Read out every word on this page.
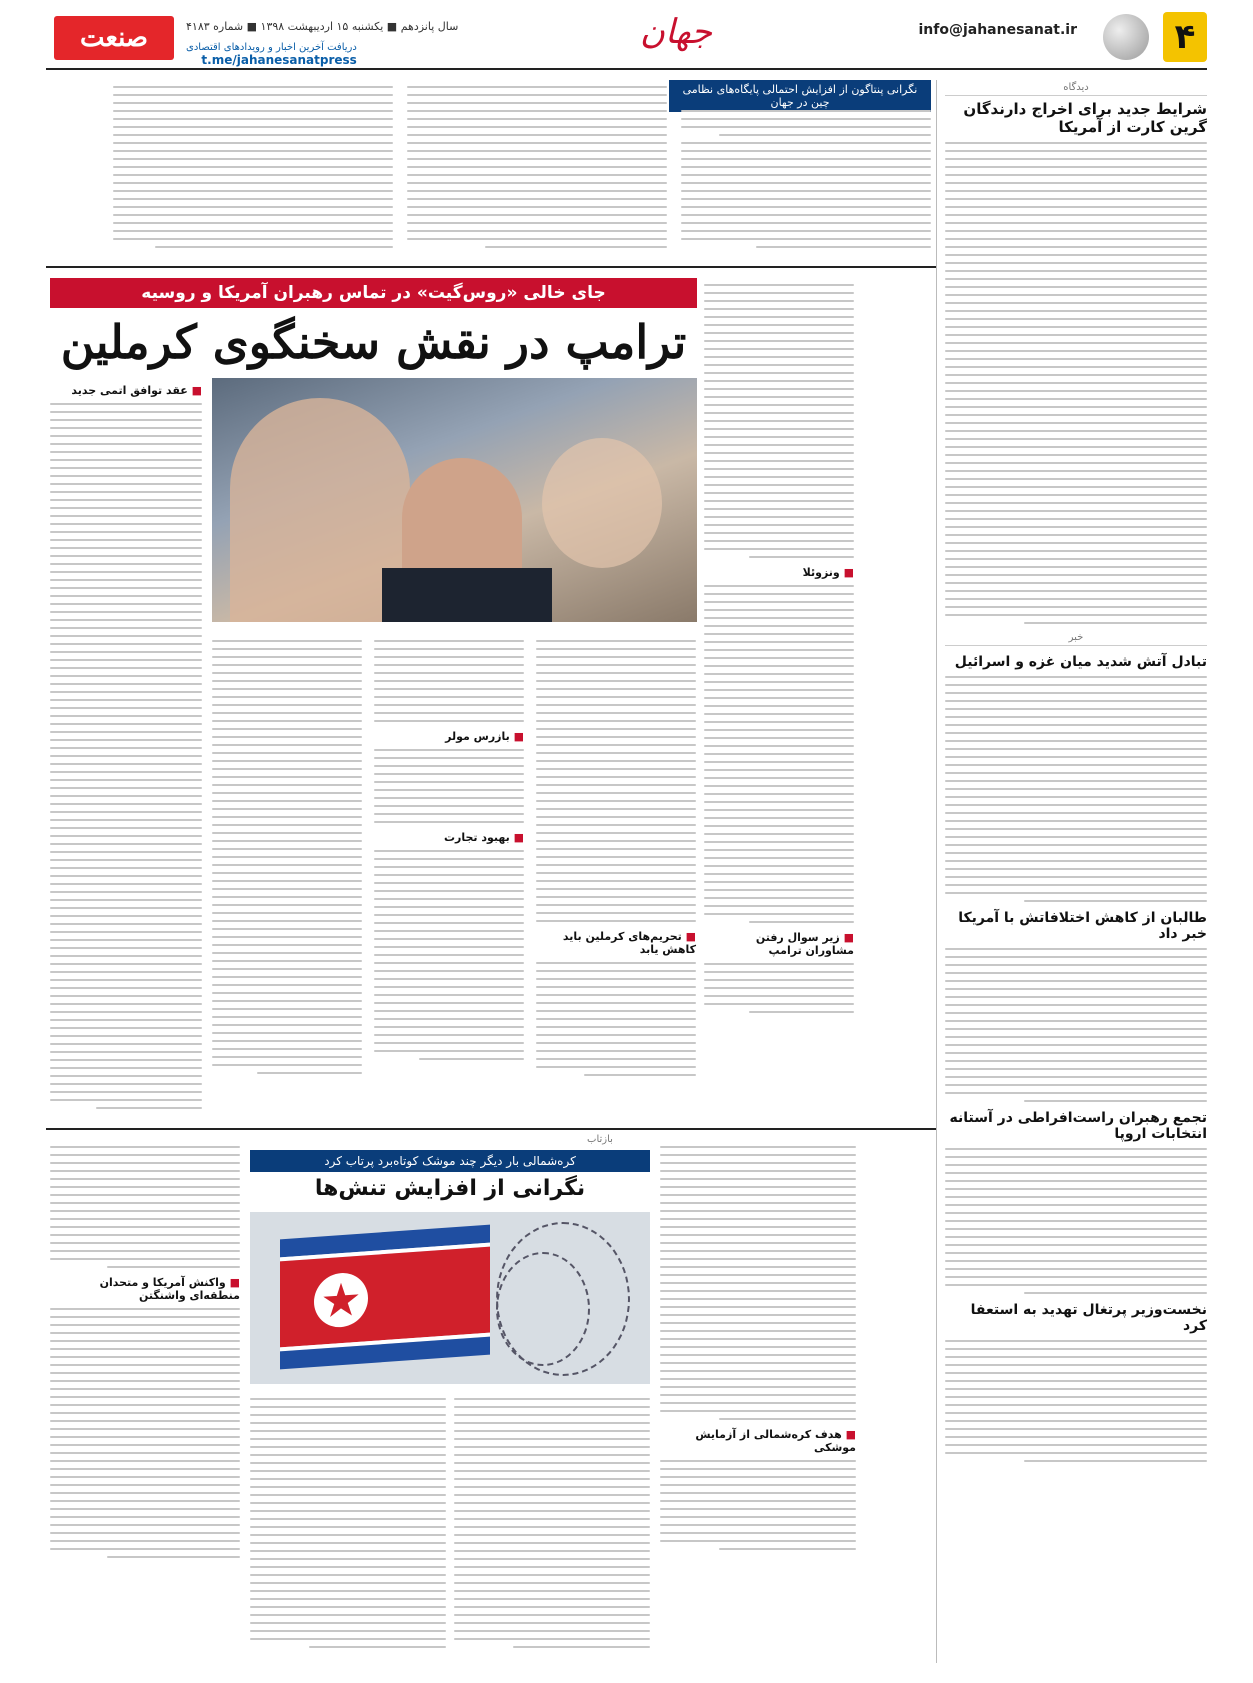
صنعت	سال پانزدهم ■ یکشنبه ۱۵ اردیبهشت ۱۳۹۸ ■ شماره ۴۱۸۳
دریافت آخرین اخبار و رویدادهای اقتصادی
t.me/jahanesanatpress
جهان	info@jahanesanat.ir	۴
نگرانی پنتاگون از افزایش احتمالی پایگاه‌های نظامی چین در جهان
جای خالی «روس‌گیت» در تماس رهبران آمریکا و روسیه
ترامپ در نقش سخنگوی کرملین
■ ونزوئلا
■ زیر سوال رفتن مشاوران ترامپ
■ عقد توافق اتمی جدید
■ بازرس مولر
■ بهبود تجارت
■ تحریم‌های کرملین باید کاهش یابد
بازتاب
کره‌شمالی بار دیگر چند موشک کوتاه‌برد پرتاب کرد
نگرانی از افزایش تنش‌ها
★
■ هدف کره‌شمالی از آزمایش موشکی
■ واکنش آمریکا و متحدان منطقه‌ای واشنگتن
دیدگاه
شرایط جدید برای اخراج دارندگان گرین کارت از آمریکا
خبر
تبادل آتش شدید میان غزه و اسرائیل
طالبان از کاهش اختلافاتش با آمریکا خبر داد
تجمع رهبران راست‌افراطی در آستانه انتخابات اروپا
نخست‌وزیر پرتغال تهدید به استعفا کرد
